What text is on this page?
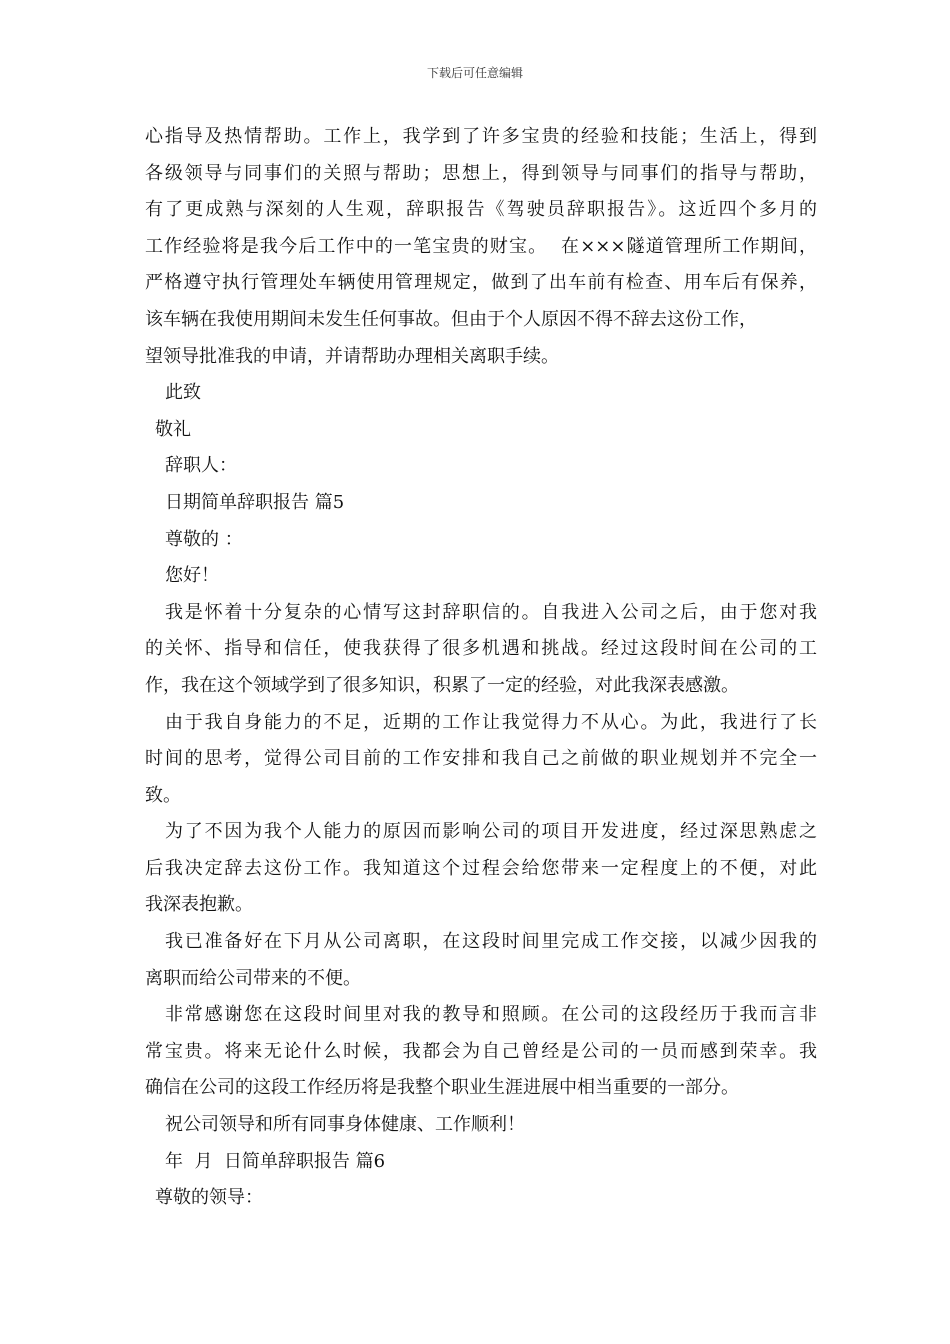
下载后可任意编辑
心指导及热情帮助。工作上，我学到了许多宝贵的经验和技能；生活上，得到
各级领导与同事们的关照与帮助；思想上，得到领导与同事们的指导与帮助，
有了更成熟与深刻的人生观，辞职报告《驾驶员辞职报告》。这近四个多月的
工作经验将是我今后工作中的一笔宝贵的财宝。  在×××隧道管理所工作期间，
严格遵守执行管理处车辆使用管理规定，做到了出车前有检查、用车后有保养，
该车辆在我使用期间未发生任何事故。但由于个人原因不得不辞去这份工作，
望领导批准我的申请，并请帮助办理相关离职手续。
此致
敬礼
辞职人：
日期简单辞职报告 篇5
尊敬的 ：
您好！
我是怀着十分复杂的心情写这封辞职信的。自我进入公司之后，由于您对我
的关怀、指导和信任，使我获得了很多机遇和挑战。经过这段时间在公司的工
作，我在这个领域学到了很多知识，积累了一定的经验，对此我深表感激。
由于我自身能力的不足，近期的工作让我觉得力不从心。为此，我进行了长
时间的思考，觉得公司目前的工作安排和我自己之前做的职业规划并不完全一
致。
为了不因为我个人能力的原因而影响公司的项目开发进度，经过深思熟虑之
后我决定辞去这份工作。我知道这个过程会给您带来一定程度上的不便，对此
我深表抱歉。
我已准备好在下月从公司离职，在这段时间里完成工作交接，以减少因我的
离职而给公司带来的不便。
非常感谢您在这段时间里对我的教导和照顾。在公司的这段经历于我而言非
常宝贵。将来无论什么时候，我都会为自己曾经是公司的一员而感到荣幸。我
确信在公司的这段工作经历将是我整个职业生涯进展中相当重要的一部分。
祝公司领导和所有同事身体健康、工作顺利！
年  月  日简单辞职报告 篇6
尊敬的领导：
